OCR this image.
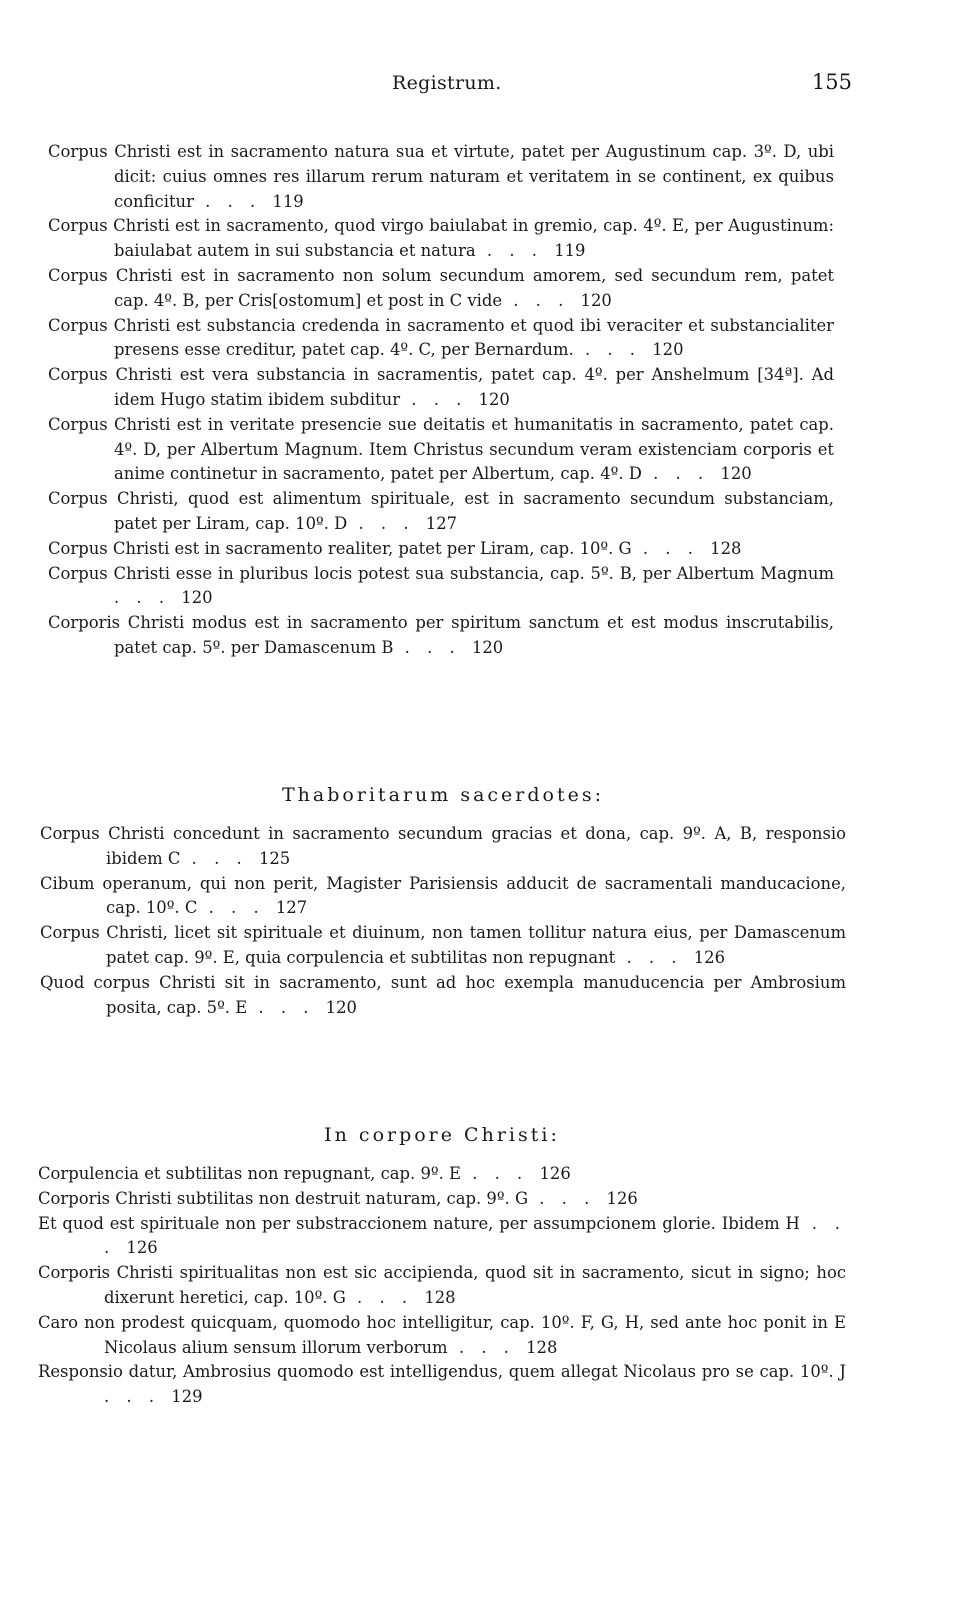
Registrum.	155

Corpus Christi est in sacramento natura sua et virtute, patet per Augustinum cap. 3º. D, ubi dicit: cuius omnes res illarum rerum naturam et veritatem in se continent, ex quibus conficitur . . . 119

Corpus Christi est in sacramento, quod virgo baiulabat in gremio, cap. 4º. E, per Augustinum: baiulabat autem in sui substancia et natura . . . 119

Corpus Christi est in sacramento non solum secundum amorem, sed secundum rem, patet cap. 4º. B, per Cris[ostomum] et post in C vide . . . 120

Corpus Christi est substancia credenda in sacramento et quod ibi veraciter et substancialiter presens esse creditur, patet cap. 4º. C, per Bernardum. . . . 120

Corpus Christi est vera substancia in sacramentis, patet cap. 4º. per Anshelmum [34ª]. Ad idem Hugo statim ibidem subditur . . . 120

Corpus Christi est in veritate presencie sue deitatis et humanitatis in sacramento, patet cap. 4º. D, per Albertum Magnum. Item Christus secundum veram existenciam corporis et anime continetur in sacramento, patet per Albertum, cap. 4º. D . . . 120

Corpus Christi, quod est alimentum spirituale, est in sacramento secundum substanciam, patet per Liram, cap. 10º. D . . . 127

Corpus Christi est in sacramento realiter, patet per Liram, cap. 10º. G . . . 128

Corpus Christi esse in pluribus locis potest sua substancia, cap. 5º. B, per Albertum Magnum . . . 120

Corporis Christi modus est in sacramento per spiritum sanctum et est modus inscrutabilis, patet cap. 5º. per Damascenum B . . . 120

Thaboritarum sacerdotes:

Corpus Christi concedunt in sacramento secundum gracias et dona, cap. 9º. A, B, responsio ibidem C . . . 125

Cibum operanum, qui non perit, Magister Parisiensis adducit de sacramentali manducacione, cap. 10º. C . . . 127

Corpus Christi, licet sit spirituale et diuinum, non tamen tollitur natura eius, per Damascenum patet cap. 9º. E, quia corpulencia et subtilitas non repugnant . . . 126

Quod corpus Christi sit in sacramento, sunt ad hoc exempla manuducencia per Ambrosium posita, cap. 5º. E . . . 120

In corpore Christi:

Corpulencia et subtilitas non repugnant, cap. 9º. E . . . 126

Corporis Christi subtilitas non destruit naturam, cap. 9º. G . . . 126

Et quod est spirituale non per substraccionem nature, per assumpcionem glorie. Ibidem H . . . 126

Corporis Christi spiritualitas non est sic accipienda, quod sit in sacramento, sicut in signo; hoc dixerunt heretici, cap. 10º. G . . . 128

Caro non prodest quicquam, quomodo hoc intelligitur, cap. 10º. F, G, H, sed ante hoc ponit in E Nicolaus alium sensum illorum verborum . . . 128

Responsio datur, Ambrosius quomodo est intelligendus, quem allegat Nicolaus pro se cap. 10º. J . . . 129
